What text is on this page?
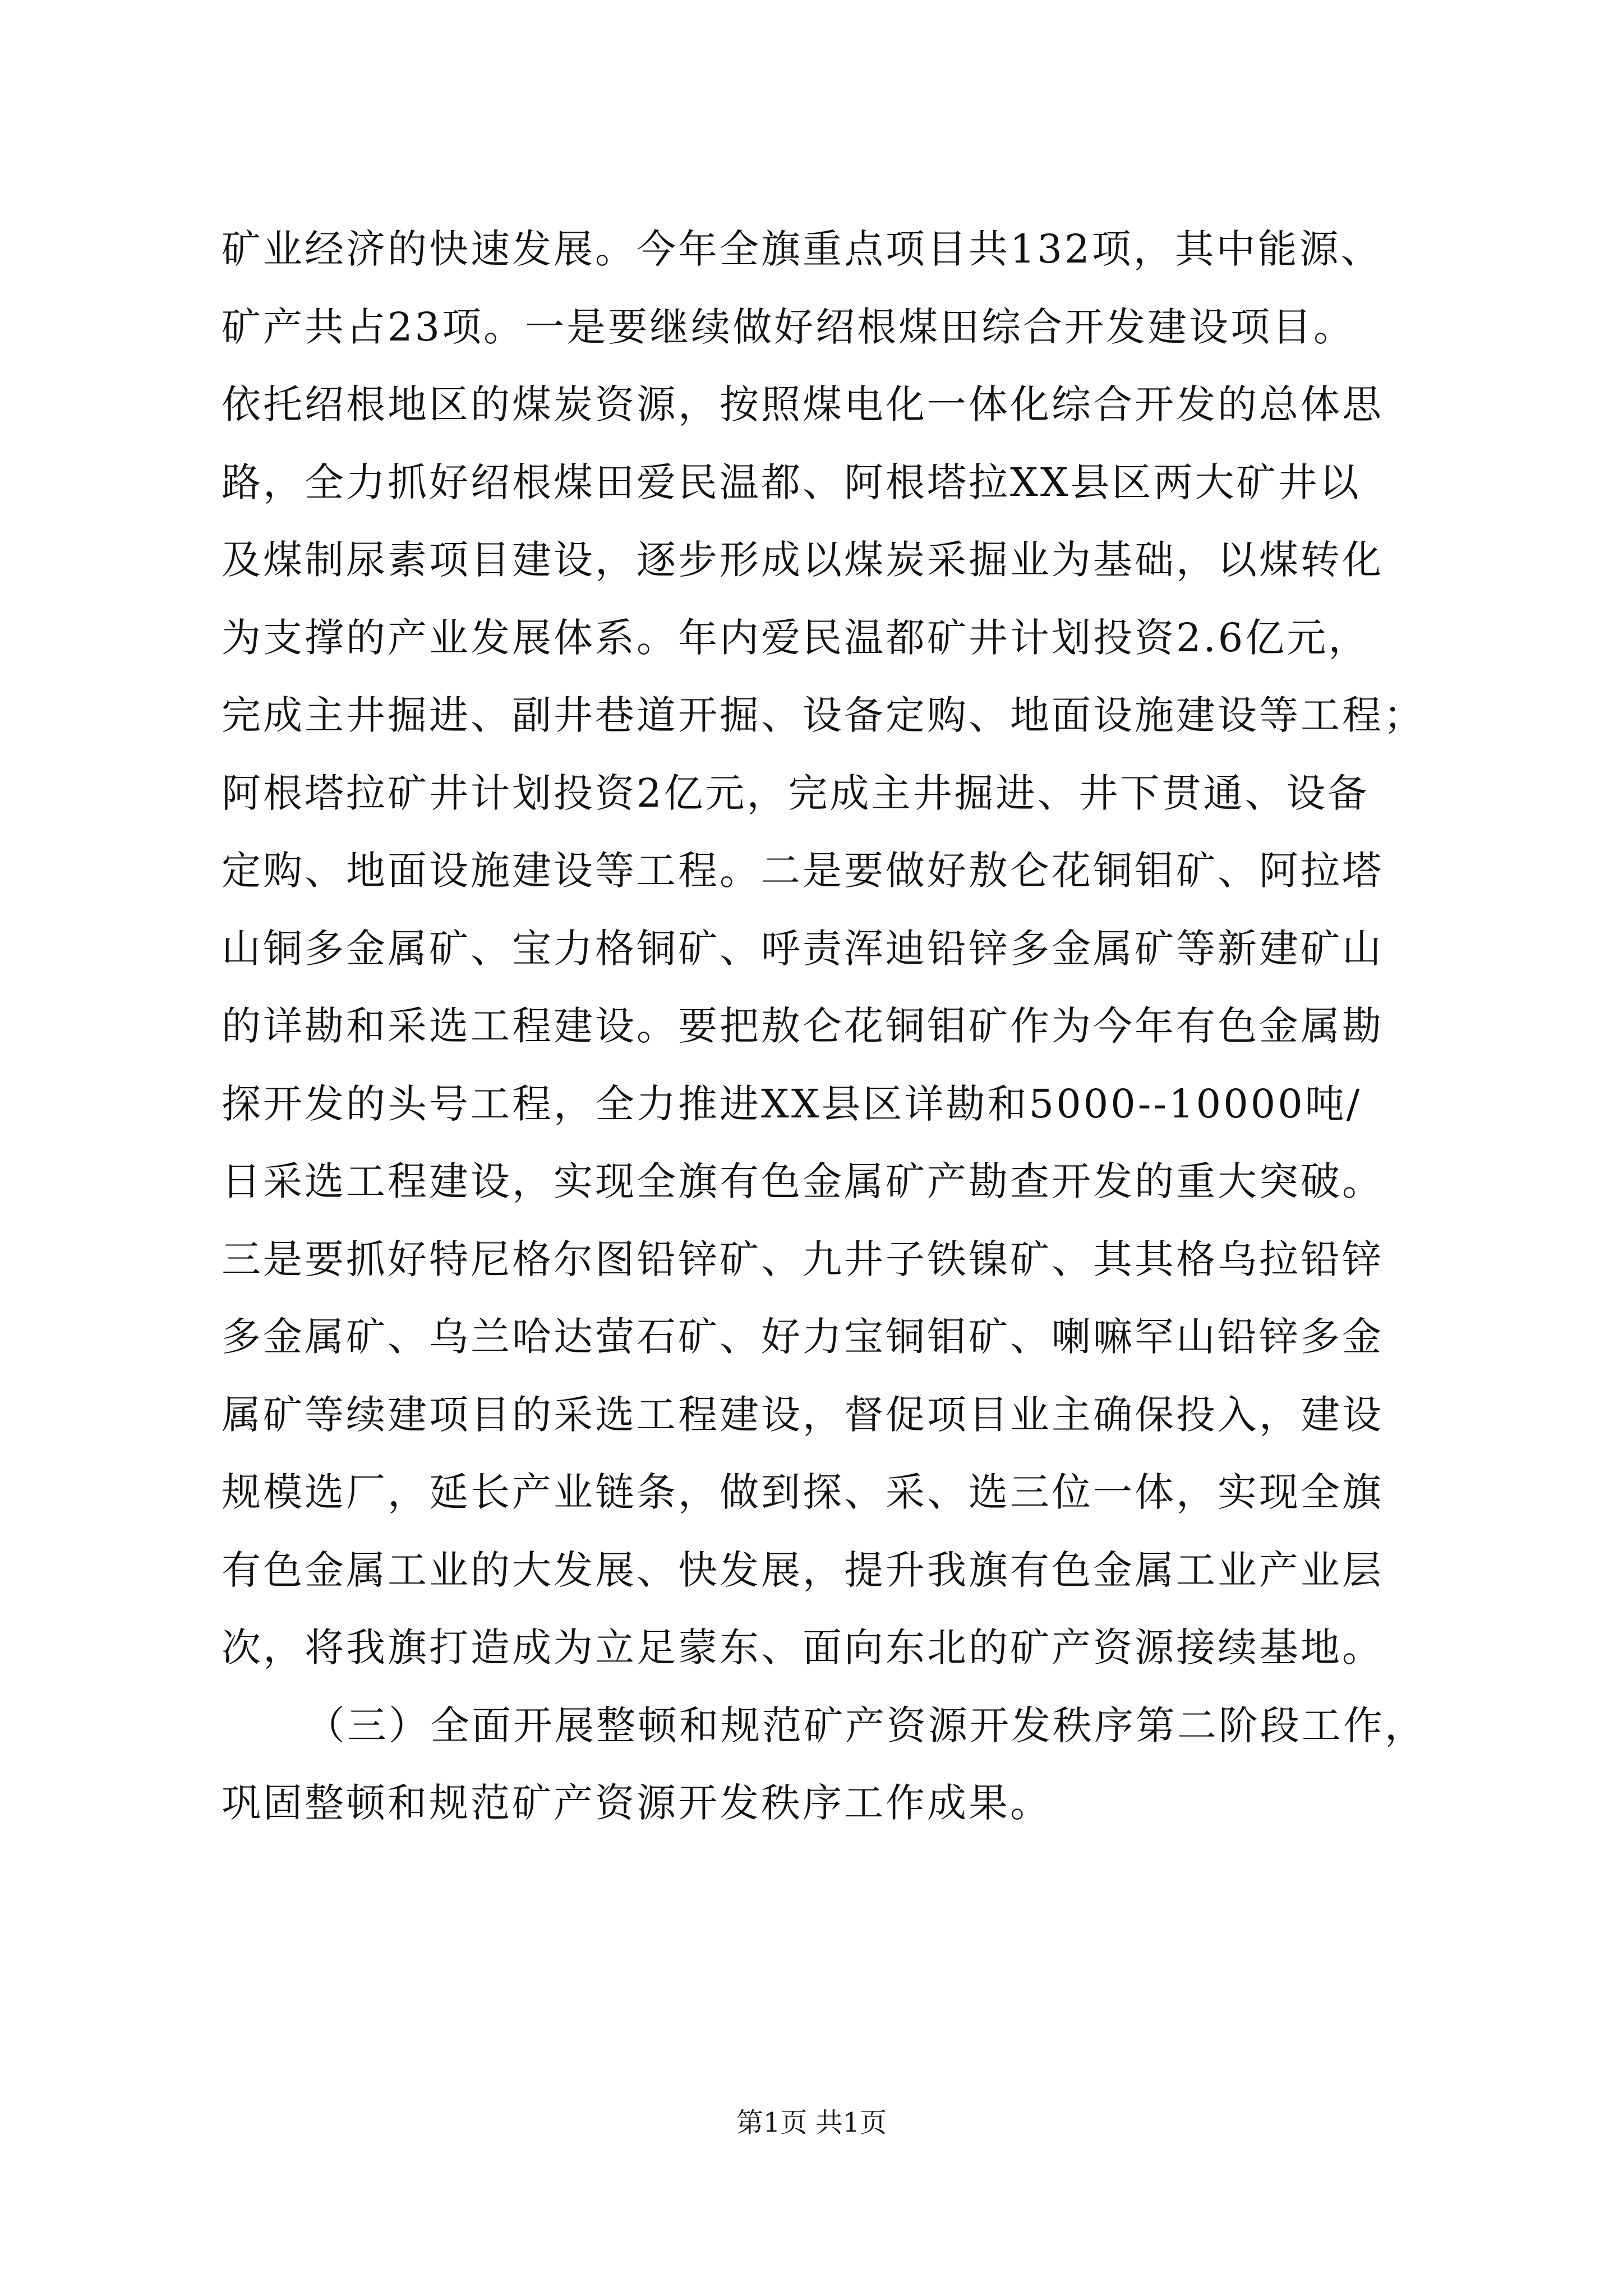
矿业经济的快速发展。今年全旗重点项目共132项，其中能源、
矿产共占23项。一是要继续做好绍根煤田综合开发建设项目。
依托绍根地区的煤炭资源，按照煤电化一体化综合开发的总体思
路，全力抓好绍根煤田爱民温都、阿根塔拉XX县区两大矿井以
及煤制尿素项目建设，逐步形成以煤炭采掘业为基础，以煤转化
为支撑的产业发展体系。年内爱民温都矿井计划投资2.6亿元，
完成主井掘进、副井巷道开掘、设备定购、地面设施建设等工程；
阿根塔拉矿井计划投资2亿元，完成主井掘进、井下贯通、设备
定购、地面设施建设等工程。二是要做好敖仑花铜钼矿、阿拉塔
山铜多金属矿、宝力格铜矿、呼责浑迪铅锌多金属矿等新建矿山
的详勘和采选工程建设。要把敖仑花铜钼矿作为今年有色金属勘
探开发的头号工程，全力推进XX县区详勘和5000--10000吨/
日采选工程建设，实现全旗有色金属矿产勘查开发的重大突破。
三是要抓好特尼格尔图铅锌矿、九井子铁镍矿、其其格乌拉铅锌
多金属矿、乌兰哈达萤石矿、好力宝铜钼矿、喇嘛罕山铅锌多金
属矿等续建项目的采选工程建设，督促项目业主确保投入，建设
规模选厂，延长产业链条，做到探、采、选三位一体，实现全旗
有色金属工业的大发展、快发展，提升我旗有色金属工业产业层
次，将我旗打造成为立足蒙东、面向东北的矿产资源接续基地。
（三）全面开展整顿和规范矿产资源开发秩序第二阶段工作，
巩固整顿和规范矿产资源开发秩序工作成果。
第1页 共1页
